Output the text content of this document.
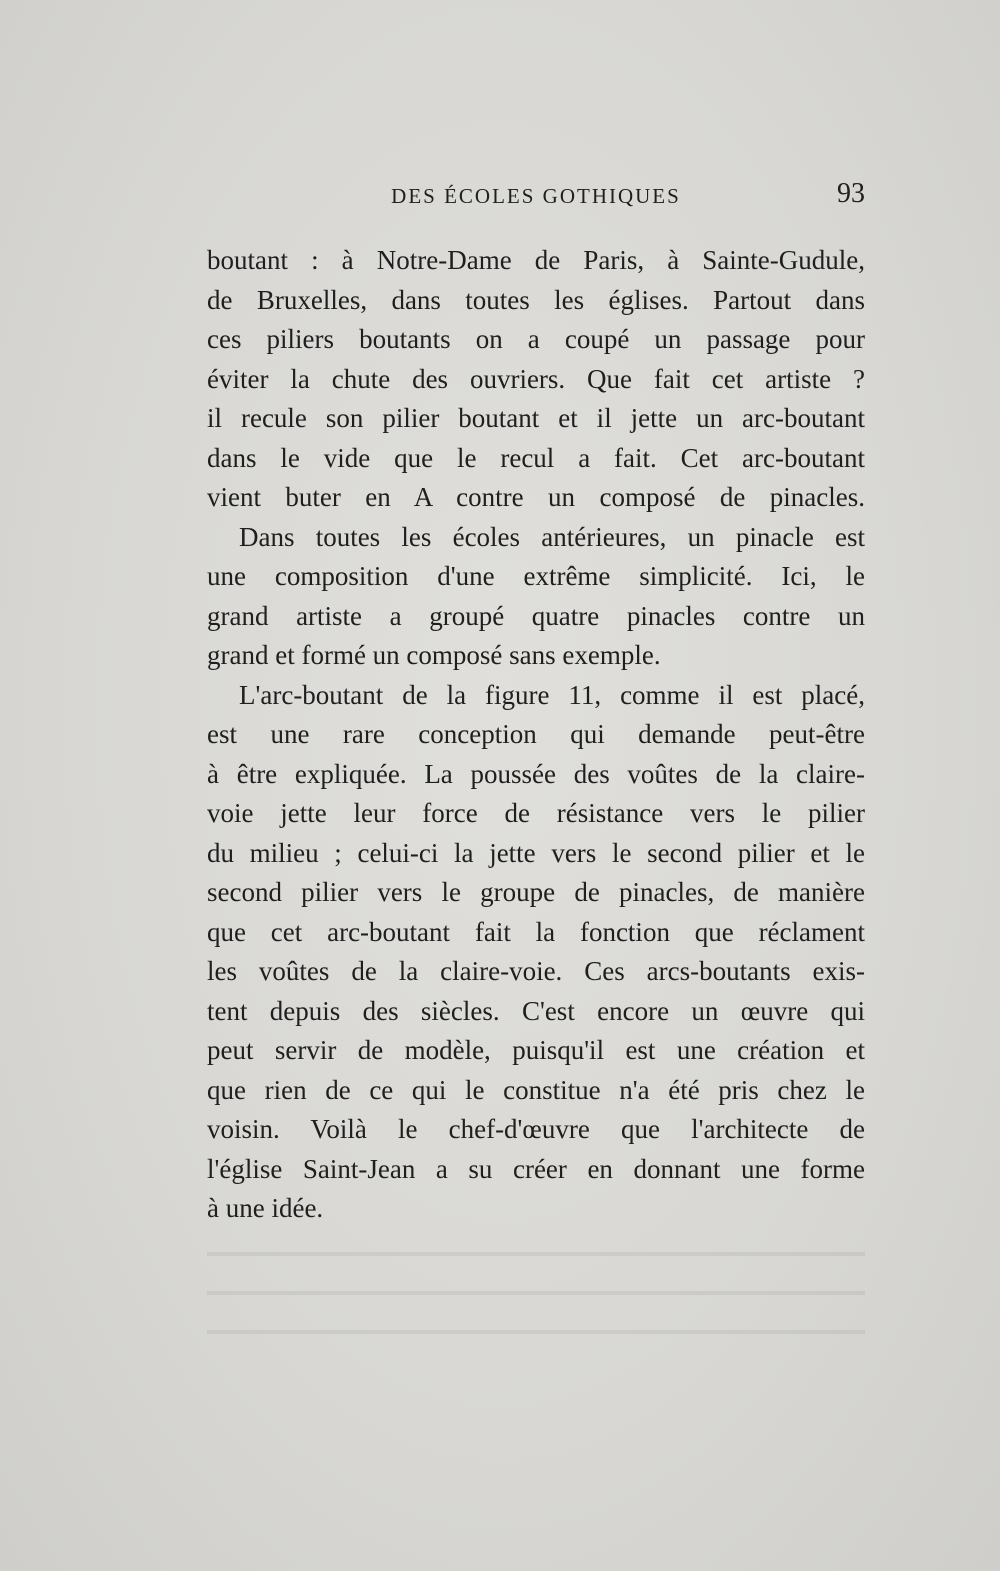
DES ÉCOLES GOTHIQUES	93

boutant : à Notre-Dame de Paris, à Sainte-Gudule,
de Bruxelles, dans toutes les églises. Partout dans
ces piliers boutants on a coupé un passage pour
éviter la chute des ouvriers. Que fait cet artiste ?
il recule son pilier boutant et il jette un arc-boutant
dans le vide que le recul a fait. Cet arc-boutant
vient buter en A contre un composé de pinacles.

Dans toutes les écoles antérieures, un pinacle est
une composition d'une extrême simplicité. Ici, le
grand artiste a groupé quatre pinacles contre un
grand et formé un composé sans exemple.

L'arc-boutant de la figure 11, comme il est placé,
est une rare conception qui demande peut-être
à être expliquée. La poussée des voûtes de la claire-
voie jette leur force de résistance vers le pilier
du milieu ; celui-ci la jette vers le second pilier et le
second pilier vers le groupe de pinacles, de manière
que cet arc-boutant fait la fonction que réclament
les voûtes de la claire-voie. Ces arcs-boutants exis-
tent depuis des siècles. C'est encore un œuvre qui
peut servir de modèle, puisqu'il est une création et
que rien de ce qui le constitue n'a été pris chez le
voisin. Voilà le chef-d'œuvre que l'architecte de
l'église Saint-Jean a su créer en donnant une forme
à une idée.
